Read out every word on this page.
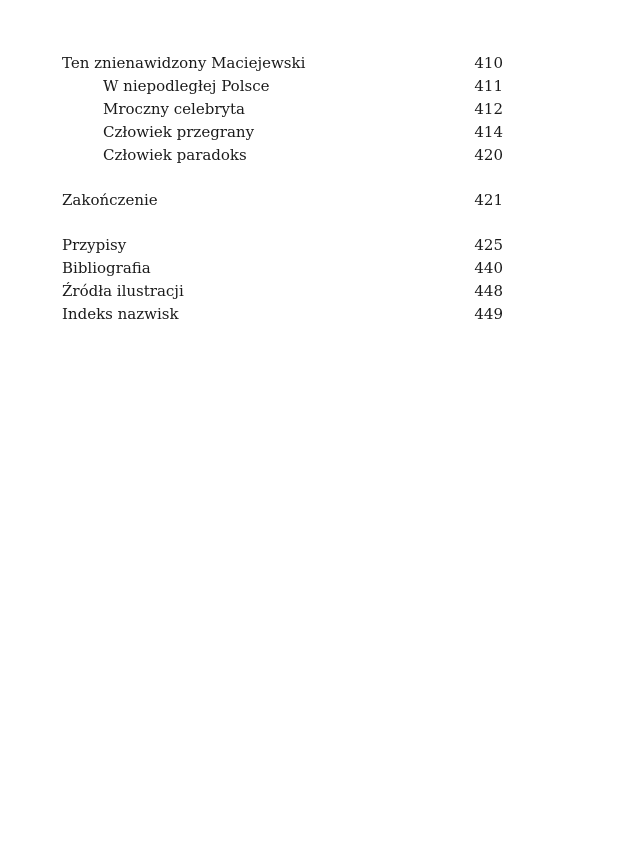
Ten znienawidzony Maciejewski	410
W niepodległej Polsce	411
Mroczny celebryta	412
Człowiek przegrany	414
Człowiek paradoks	420
Zakończenie	421
Przypisy	425
Bibliografia	440
Źródła ilustracji	448
Indeks nazwisk	449
